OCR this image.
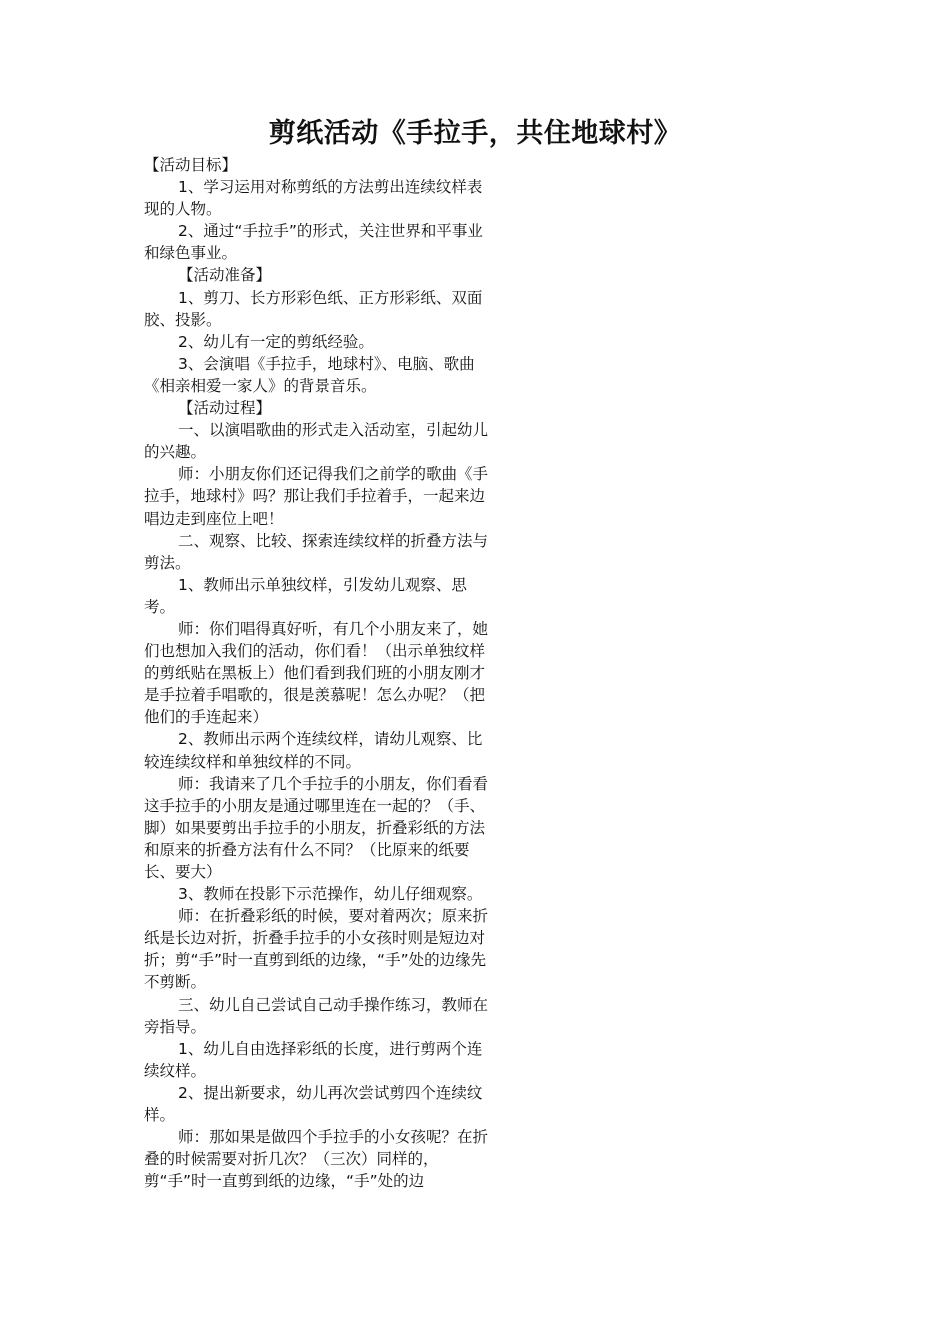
剪纸活动《手拉手，共住地球村》

【活动目标】

1、学习运用对称剪纸的方法剪出连续纹样表现的人物。

2、通过“手拉手”的形式，关注世界和平事业和绿色事业。

【活动准备】

1、剪刀、长方形彩色纸、正方形彩纸、双面胶、投影。

2、幼儿有一定的剪纸经验。

3、会演唱《手拉手，地球村》、电脑、歌曲《相亲相爱一家人》的背景音乐。

【活动过程】

一、以演唱歌曲的形式走入活动室，引起幼儿的兴趣。

师：小朋友你们还记得我们之前学的歌曲《手拉手，地球村》吗？那让我们手拉着手，一起来边唱边走到座位上吧！

二、观察、比较、探索连续纹样的折叠方法与剪法。

1、教师出示单独纹样，引发幼儿观察、思考。

师：你们唱得真好听，有几个小朋友来了，她们也想加入我们的活动，你们看！（出示单独纹样的剪纸贴在黑板上）他们看到我们班的小朋友刚才是手拉着手唱歌的，很是羡慕呢！怎么办呢？（把他们的手连起来）

2、教师出示两个连续纹样，请幼儿观察、比较连续纹样和单独纹样的不同。

师：我请来了几个手拉手的小朋友，你们看看这手拉手的小朋友是通过哪里连在一起的？（手、脚）如果要剪出手拉手的小朋友，折叠彩纸的方法和原来的折叠方法有什么不同？（比原来的纸要长、要大）

3、教师在投影下示范操作，幼儿仔细观察。

师：在折叠彩纸的时候，要对着两次；原来折纸是长边对折，折叠手拉手的小女孩时则是短边对折；剪“手”时一直剪到纸的边缘，“手”处的边缘先不剪断。

三、幼儿自己尝试自己动手操作练习，教师在旁指导。

1、幼儿自由选择彩纸的长度，进行剪两个连续纹样。

2、提出新要求，幼儿再次尝试剪四个连续纹样。

师：那如果是做四个手拉手的小女孩呢？在折叠的时候需要对折几次？（三次）同样的，剪“手”时一直剪到纸的边缘，“手”处的边
